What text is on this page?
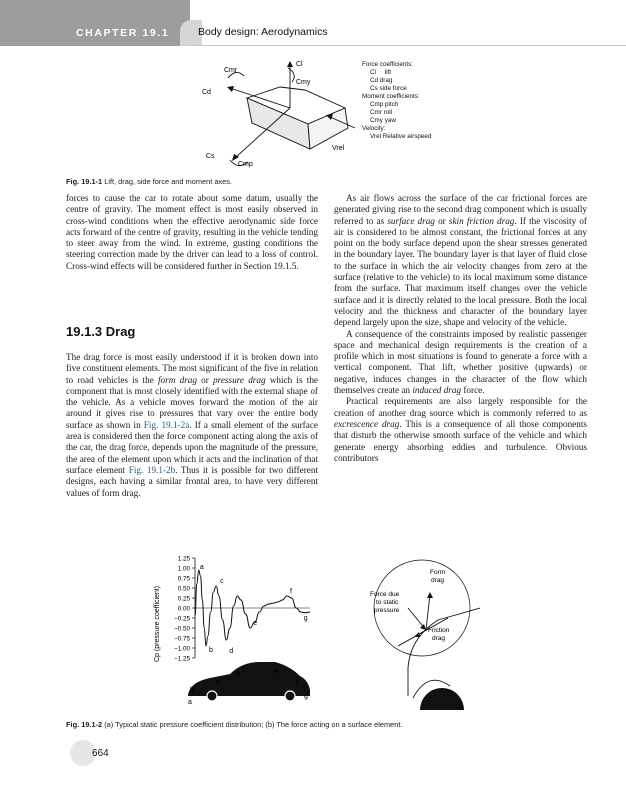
CHAPTER 19.1	Body design: Aerodynamics
Cl
Cmr
Cmy
Cd
Cs
Cmp
Vrel
Force coefficients:
Cl     lift
Cd drag
Cs side force
Moment coefficients:
Cmp pitch
Cmr roll
Cmy yaw
Velocity:
Vrel Relative airspeed
Fig. 19.1-1 Lift, drag, side force and moment axes.

forces to cause the car to rotate about some datum, usually the centre of gravity. The moment effect is most easily observed in cross-wind conditions when the effective aerodynamic side force acts forward of the centre of gravity, resulting in the vehicle tending to steer away from the wind. In extreme, gusting conditions the steering correction made by the driver can lead to a loss of control. Cross-wind effects will be considered further in Section 19.1.5.

19.1.3 Drag

The drag force is most easily understood if it is broken down into five constituent elements. The most significant of the five in relation to road vehicles is the form drag or pressure drag which is the component that is most closely identified with the external shape of the vehicle. As a vehicle moves forward the motion of the air around it gives rise to pressures that vary over the entire body surface as shown in Fig. 19.1-2a. If a small element of the surface area is considered then the force component acting along the axis of the car, the drag force, depends upon the magnitude of the pressure, the area of the element upon which it acts and the inclination of that surface element Fig. 19.1-2b. Thus it is possible for two different designs, each having a similar frontal area, to have very different values of form drag.

As air flows across the surface of the car frictional forces are generated giving rise to the second drag component which is usually referred to as surface drag or skin friction drag. If the viscosity of air is considered to be almost constant, the frictional forces at any point on the body surface depend upon the shear stresses generated in the boundary layer. The boundary layer is that layer of fluid close to the surface in which the air velocity changes from zero at the surface (relative to the vehicle) to its local maximum some distance from the surface. That maximum itself changes over the vehicle surface and it is directly related to the local pressure. Both the local velocity and the thickness and character of the boundary layer depend largely upon the size, shape and velocity of the vehicle.

A consequence of the constraints imposed by realistic passenger space and mechanical design requirements is the creation of a profile which in most situations is found to generate a force with a vertical component. That lift, whether positive (upwards) or negative, induces changes in the character of the flow which themselves create an induced drag force.

Practical requirements are also largely responsible for the creation of another drag source which is commonly referred to as excrescence drag. This is a consequence of all those components that disturb the otherwise smooth surface of the vehicle and which generate energy absorbing eddies and turbulence. Obvious contributors

Cp (pressure coefficient)
1.25
1.00
0.75
0.50
0.25
0.00
−0.25
−0.50
−0.75
−1.00
−1.25
a
b
c
d
e
f
g
a
b
c
d	e
f
g
Form
drag
Force due
to static
pressure
Friction
drag
Fig. 19.1-2 (a) Typical static pressure coefficient distribution; (b) The force acting on a surface element.
664
